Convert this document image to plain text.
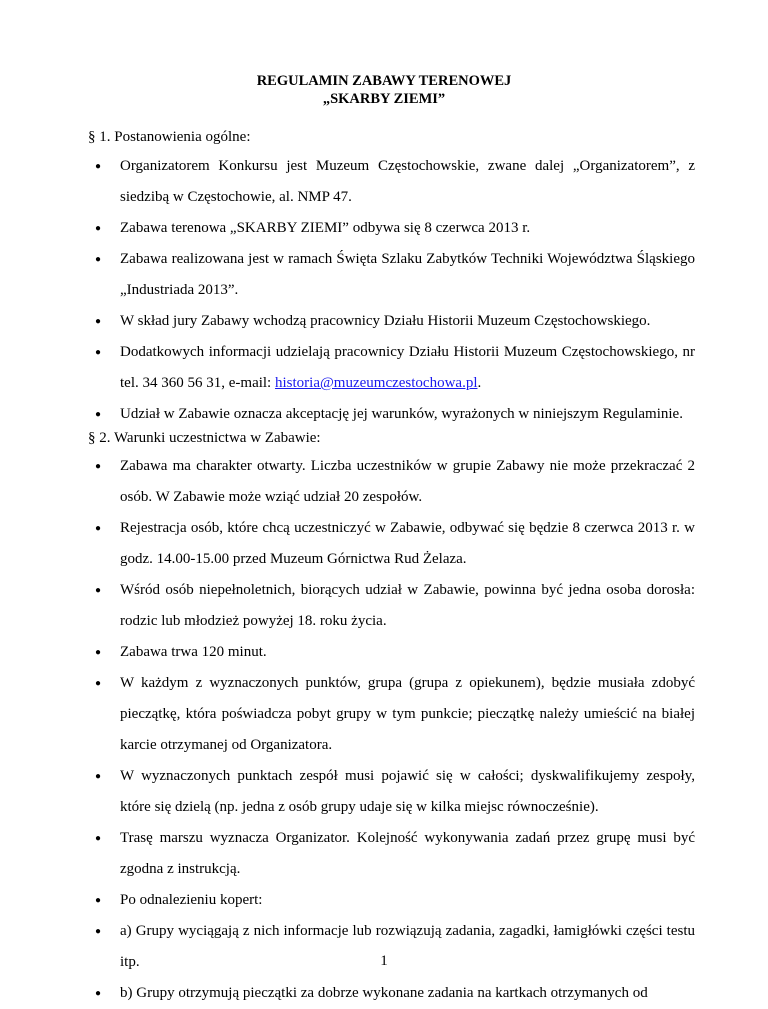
REGULAMIN ZABAWY TERENOWEJ
„SKARBY ZIEMI”
§ 1. Postanowienia ogólne:
● Organizatorem Konkursu jest Muzeum Częstochowskie, zwane dalej „Organizatorem”, z siedzibą w Częstochowie, al. NMP 47.
● Zabawa terenowa „SKARBY ZIEMI” odbywa się 8 czerwca 2013 r.
● Zabawa realizowana jest w ramach Święta Szlaku Zabytków Techniki Województwa Śląskiego „Industriada 2013”.
● W skład jury Zabawy wchodzą pracownicy Działu Historii Muzeum Częstochowskiego.
● Dodatkowych informacji udzielają pracownicy Działu Historii Muzeum Częstochowskiego, nr tel. 34 360 56 31, e-mail: historia@muzeumczestochowa.pl.
● Udział w Zabawie oznacza akceptację jej warunków, wyrażonych w niniejszym Regulaminie.
§ 2. Warunki uczestnictwa w Zabawie:
● Zabawa ma charakter otwarty. Liczba uczestników w grupie Zabawy nie może przekraczać 2 osób. W Zabawie może wziąć udział 20 zespołów.
● Rejestracja osób, które chcą uczestniczyć w Zabawie, odbywać się będzie 8 czerwca 2013 r. w godz. 14.00-15.00 przed Muzeum Górnictwa Rud Żelaza.
● Wśród osób niepełnoletnich, biorących udział w Zabawie, powinna być jedna osoba dorosła: rodzic lub młodzież powyżej 18. roku życia.
● Zabawa trwa 120 minut.
● W każdym z wyznaczonych punktów, grupa (grupa z opiekunem), będzie musiała zdobyć pieczątkę, która poświadcza pobyt grupy w tym punkcie; pieczątkę należy umieścić na białej karcie otrzymanej od Organizatora.
● W wyznaczonych punktach zespół musi pojawić się w całości; dyskwalifikujemy zespoły, które się dzielą (np. jedna z osób grupy udaje się w kilka miejsc równocześnie).
● Trasę marszu wyznacza Organizator. Kolejność wykonywania zadań przez grupę musi być zgodna z instrukcją.
● Po odnalezieniu kopert:
● a) Grupy wyciągają z nich informacje lub rozwiązują zadania, zagadki, łamigłówki części testu itp.
● b) Grupy otrzymują pieczątki za dobrze wykonane zadania na kartkach otrzymanych od
1
